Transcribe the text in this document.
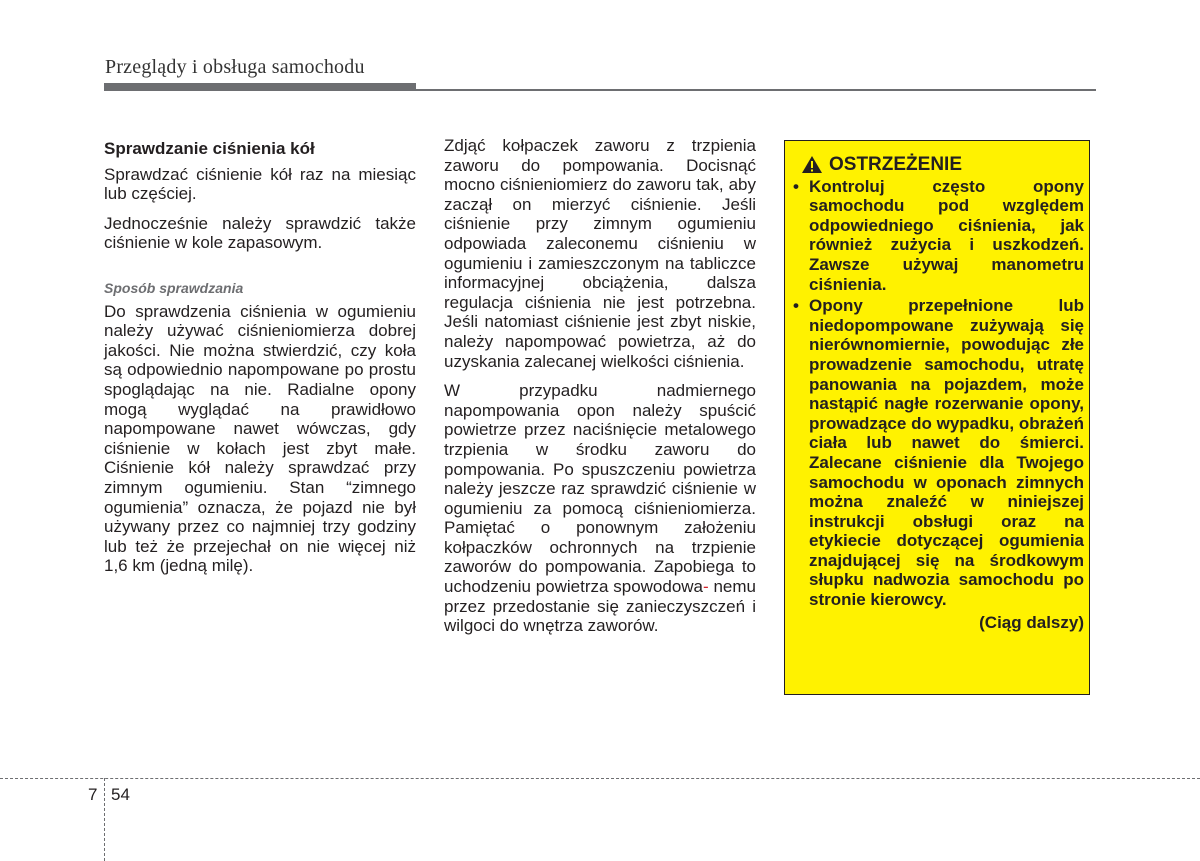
Przeglądy i obsługa samochodu

Sprawdzanie ciśnienia kół

Sprawdzać ciśnienie kół raz na miesiąc lub częściej.

Jednocześnie należy sprawdzić także ciśnienie w kole zapasowym.

Sposób sprawdzania

Do sprawdzenia ciśnienia w ogumieniu należy używać ciśnieniomierza dobrej jakości. Nie można stwierdzić, czy koła są odpowiednio napompowane po prostu spoglądając na nie. Radialne opony mogą wyglądać na prawidłowo napompowane nawet wówczas, gdy ciśnienie w kołach jest zbyt małe. Ciśnienie kół należy sprawdzać przy zimnym ogumieniu. Stan “zimnego ogumienia” oznacza, że pojazd nie był używany przez co najmniej trzy godziny lub też że przejechał on nie więcej niż 1,6 km (jedną milę).

Zdjąć kołpaczek zaworu z trzpienia zaworu do pompowania. Docisnąć mocno ciśnieniomierz do zaworu tak, aby zaczął on mierzyć ciśnienie. Jeśli ciśnienie przy zimnym ogumieniu odpowiada zaleconemu ciśnieniu w ogumieniu i zamieszczonym na tabliczce informacyjnej obciążenia, dalsza regulacja ciśnienia nie jest potrzebna. Jeśli natomiast ciśnienie jest zbyt niskie, należy napompować powietrza, aż do uzyskania zalecanej wielkości ciśnienia.

W przypadku nadmiernego napompowania opon należy spuścić powietrze przez naciśnięcie metalowego trzpienia w środku zaworu do pompowania. Po spuszczeniu powietrza należy jeszcze raz sprawdzić ciśnienie w ogumieniu za pomocą ciśnieniomierza. Pamiętać o ponownym założeniu kołpaczków ochronnych na trzpienie zaworów do pompowania. Zapobiega to uchodzeniu powietrza spowodowa- nemu przez przedostanie się zanieczyszczeń i wilgoci do wnętrza zaworów.

OSTRZEŻENIE
• Kontroluj często opony samochodu pod względem odpowiedniego ciśnienia, jak również zużycia i uszkodzeń. Zawsze używaj manometru ciśnienia.
• Opony przepełnione lub niedopompowane zużywają się nierównomiernie, powodując złe prowadzenie samochodu, utratę panowania na pojazdem, może nastąpić nagłe rozerwanie opony, prowadzące do wypadku, obrażeń ciała lub nawet do śmierci. Zalecane ciśnienie dla Twojego samochodu w oponach zimnych można znaleźć w niniejszej instrukcji obsługi oraz na etykiecie dotyczącej ogumienia znajdującej się na środkowym słupku nadwozia samochodu po stronie kierowcy.
(Ciąg dalszy)
7 54
